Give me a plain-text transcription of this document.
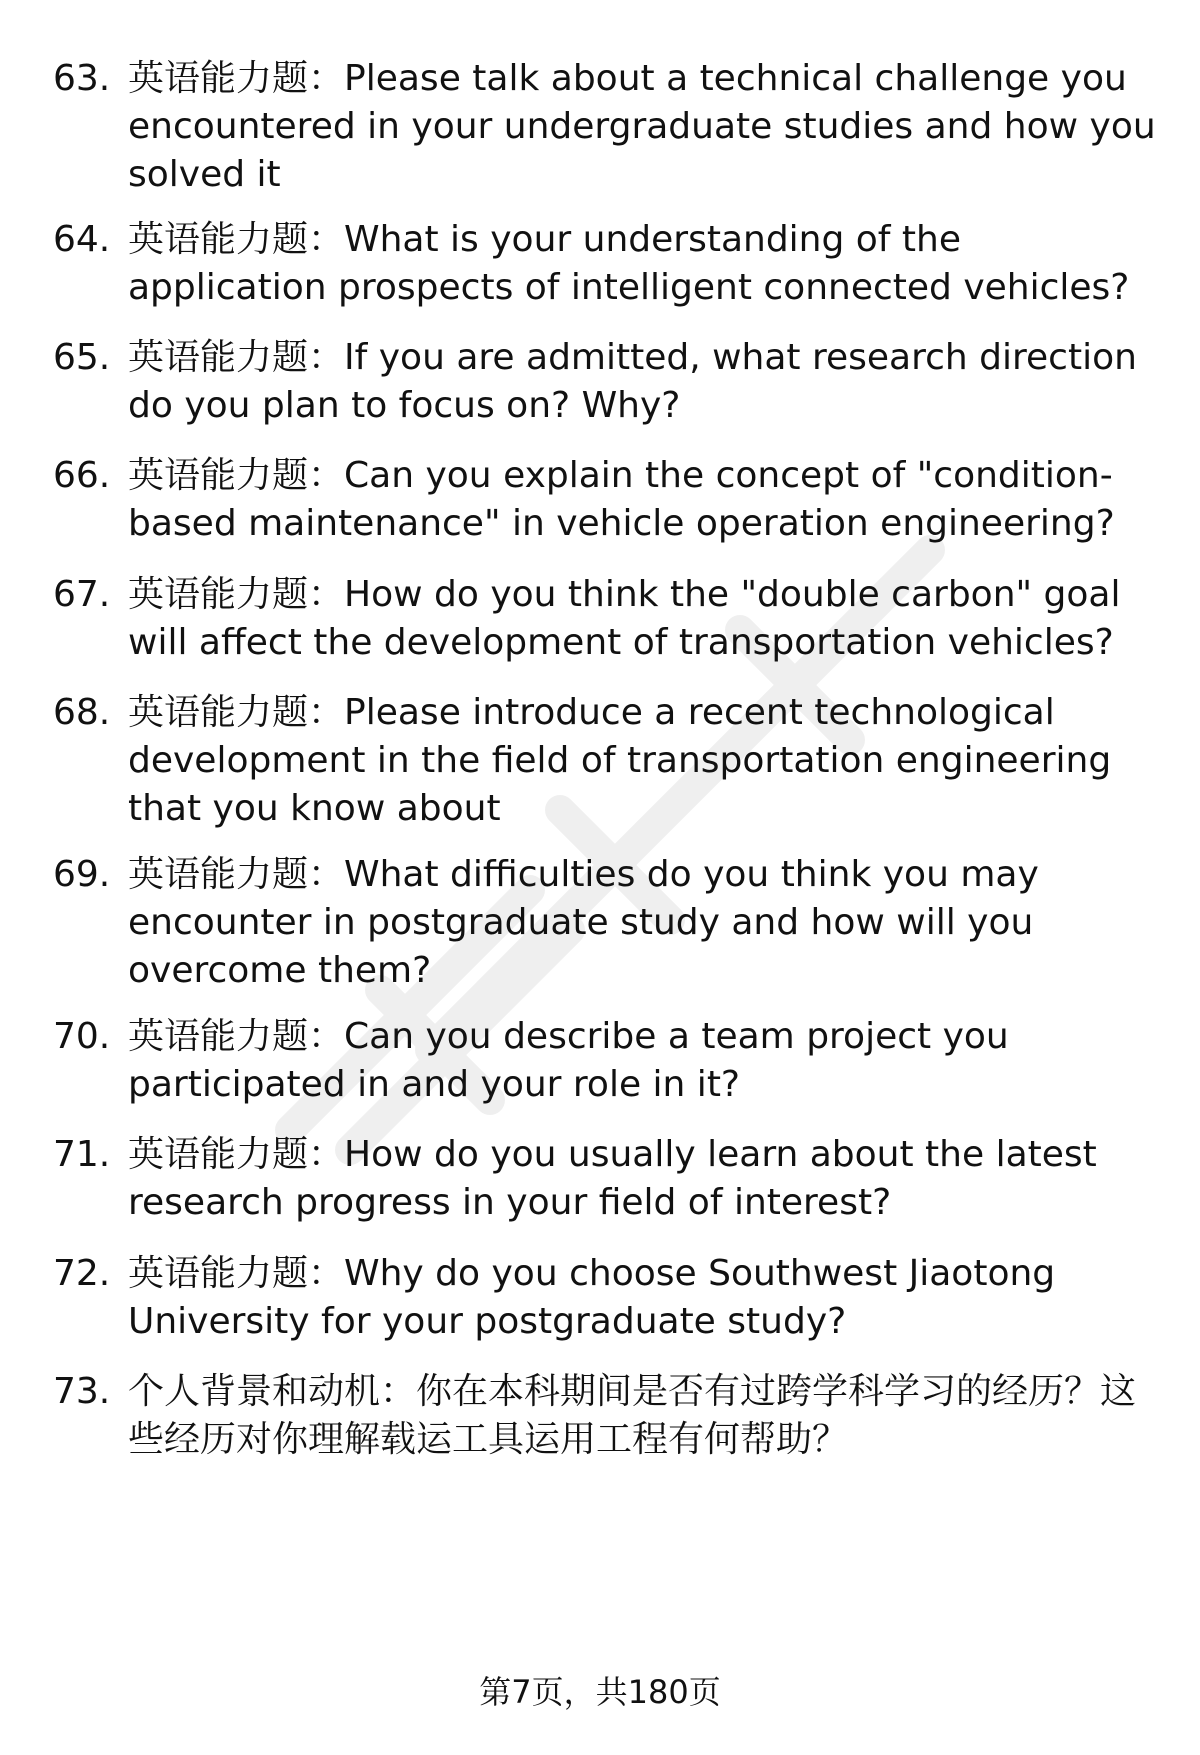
63. 英语能力题：Please talk about a technical challenge you encountered in your undergraduate studies and how you solved it
64. 英语能力题：What is your understanding of the application prospects of intelligent connected vehicles?
65. 英语能力题：If you are admitted, what research direction do you plan to focus on? Why?
66. 英语能力题：Can you explain the concept of "condition-based maintenance" in vehicle operation engineering?
67. 英语能力题：How do you think the "double carbon" goal will affect the development of transportation vehicles?
68. 英语能力题：Please introduce a recent technological development in the field of transportation engineering that you know about
69. 英语能力题：What difficulties do you think you may encounter in postgraduate study and how will you overcome them?
70. 英语能力题：Can you describe a team project you participated in and your role in it?
71. 英语能力题：How do you usually learn about the latest research progress in your field of interest?
72. 英语能力题：Why do you choose Southwest Jiaotong University for your postgraduate study?
73. 个人背景和动机：你在本科期间是否有过跨学科学习的经历？这些经历对你理解载运工具运用工程有何帮助？
第7页，共180页
